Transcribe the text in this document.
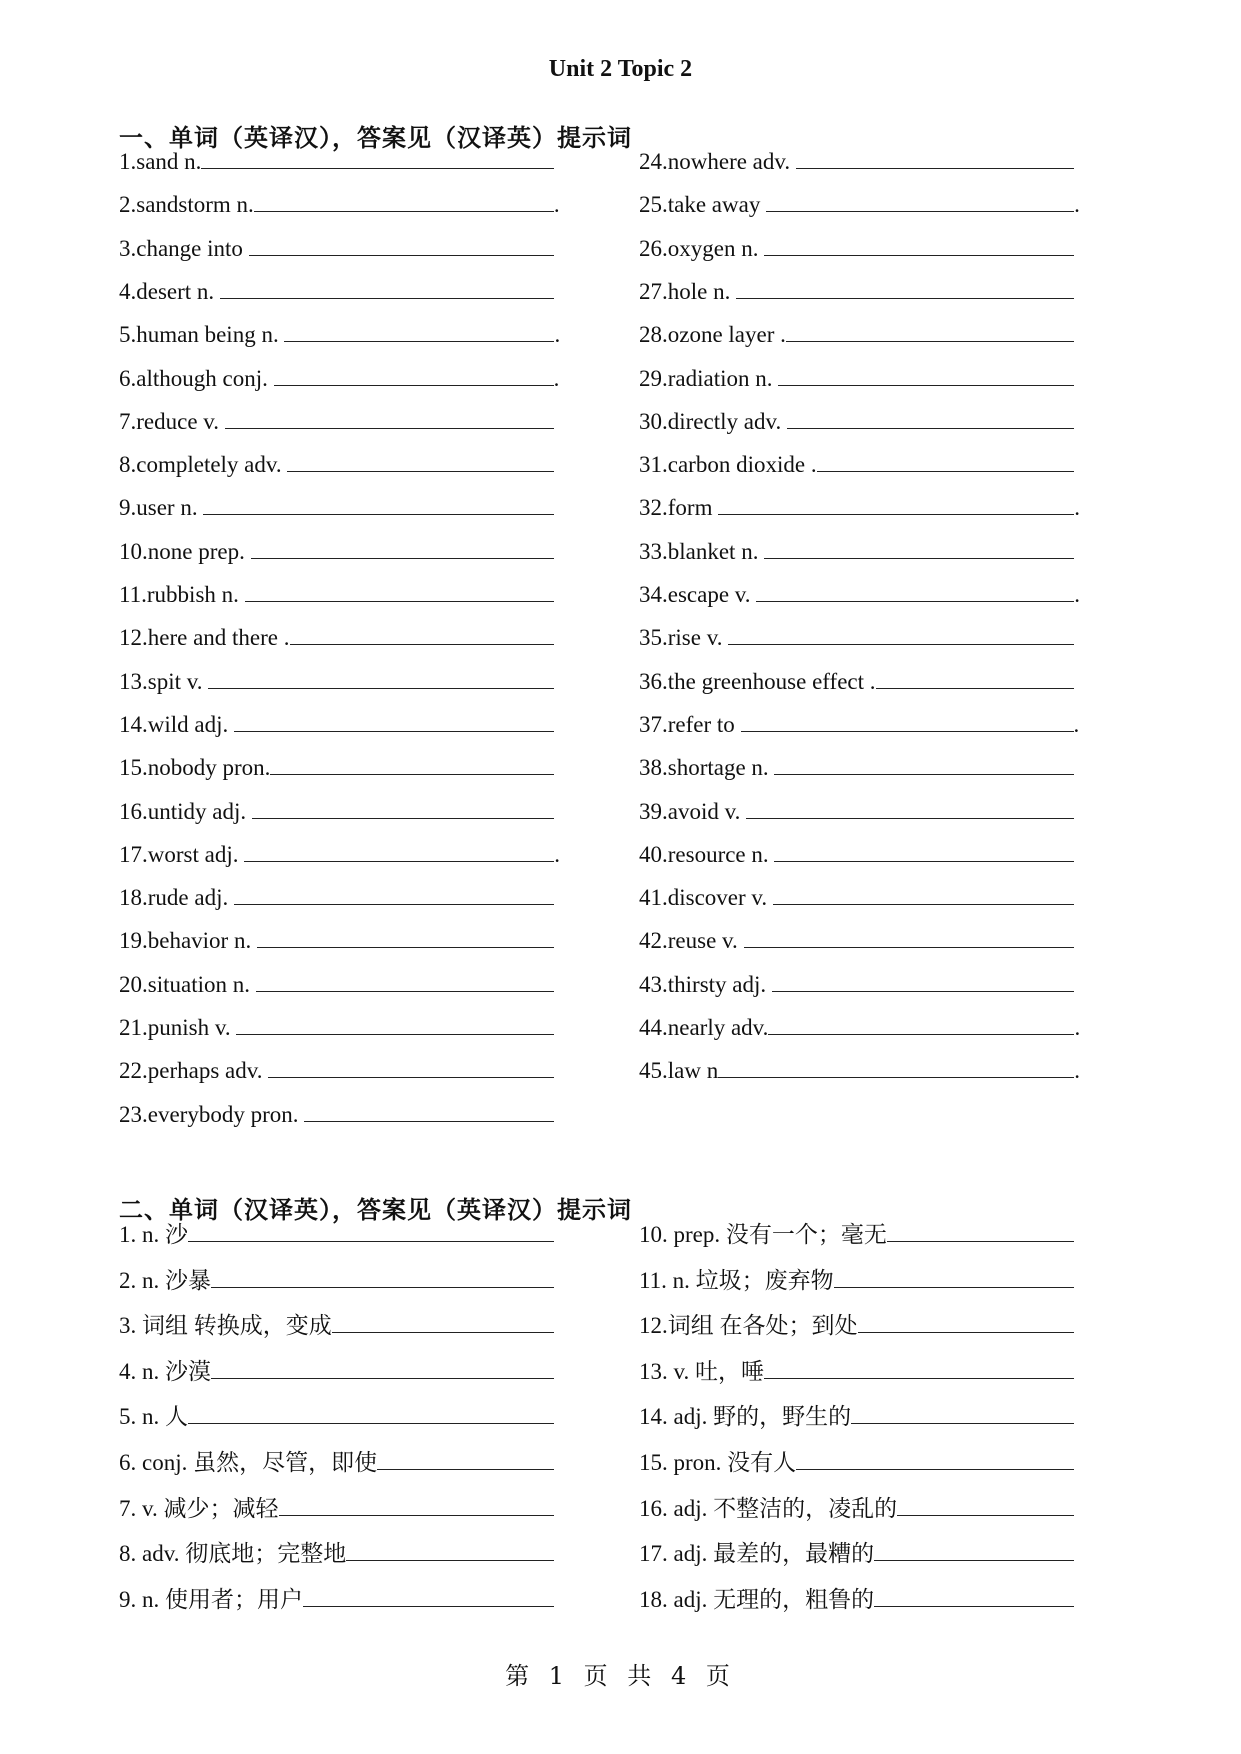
Unit 2 Topic 2
一、单词（英译汉），答案见（汉译英）提示词
1.sand n.
2.sandstorm n.	.
3.change into
4.desert n.
5.human being n.	.
6.although conj.	.
7.reduce v.
8.completely adv.
9.user n.
10.none prep.
11.rubbish n.
12.here and there .
13.spit v.
14.wild adj.
15.nobody pron.
16.untidy adj.
17.worst adj.	.
18.rude adj.
19.behavior n.
20.situation n.
21.punish v.
22.perhaps adv.
23.everybody pron.
24.nowhere adv.
25.take away	.
26.oxygen n.
27.hole n.
28.ozone layer .
29.radiation n.
30.directly adv.
31.carbon dioxide .
32.form	.
33.blanket n.
34.escape v.	.
35.rise v.
36.the greenhouse effect .
37.refer to	.
38.shortage n.
39.avoid v.
40.resource n.
41.discover v.
42.reuse v.
43.thirsty adj.
44.nearly adv.	.
45.law n	.
二、单词（汉译英），答案见（英译汉）提示词
1. n. 沙
2. n. 沙暴
3. 词组 转换成，变成
4. n. 沙漠
5. n. 人
6. conj. 虽然，尽管，即使
7. v. 减少；减轻
8. adv. 彻底地；完整地
9. n. 使用者；用户
10. prep. 没有一个；毫无
11. n. 垃圾；废弃物
12.词组 在各处；到处
13. v. 吐，唾
14. adj. 野的，野生的
15. pron. 没有人
16. adj. 不整洁的，凌乱的
17. adj. 最差的，最糟的
18. adj. 无理的，粗鲁的
第 1 页 共 4 页
